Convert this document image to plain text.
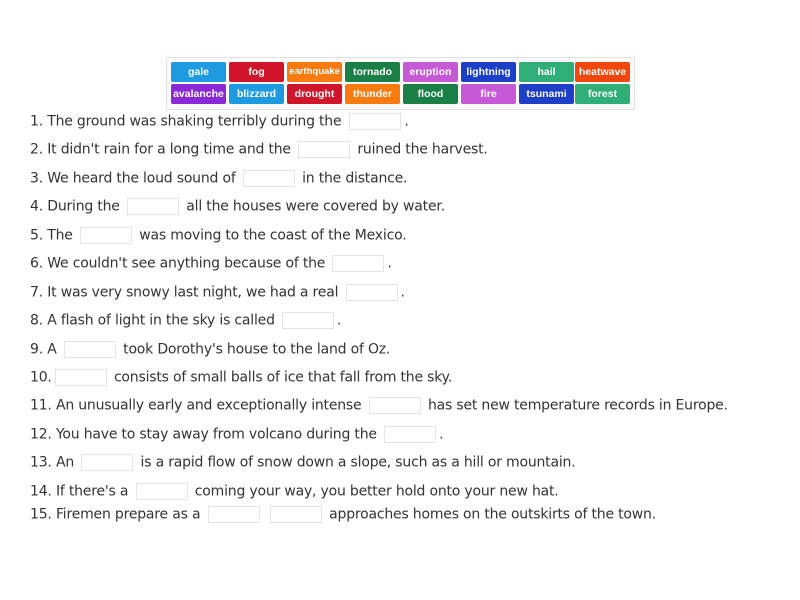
gale	fog	earthquake	tornado	eruption	lightning	hail	heatwave
avalanche	blizzard	drought	thunder	flood	fire	tsunami	forest
1. The ground was shaking terribly during the	.
2. It didn't rain for a long time and the	ruined the harvest.
3. We heard the loud sound of	in the distance.
4. During the	all the houses were covered by water.
5. The	was moving to the coast of the Mexico.
6. We couldn't see anything because of the	.
7. It was very snowy last night, we had a real	.
8. A flash of light in the sky is called	.
9. A	took Dorothy's house to the land of Oz.
10.	consists of small balls of ice that fall from the sky.
11. An unusually early and exceptionally intense	has set new temperature records in Europe.
12. You have to stay away from volcano during the	.
13. An	is a rapid flow of snow down a slope, such as a hill or mountain.
14. If there's a	coming your way, you better hold onto your new hat.
15. Firemen prepare as a	approaches homes on the outskirts of the town.
